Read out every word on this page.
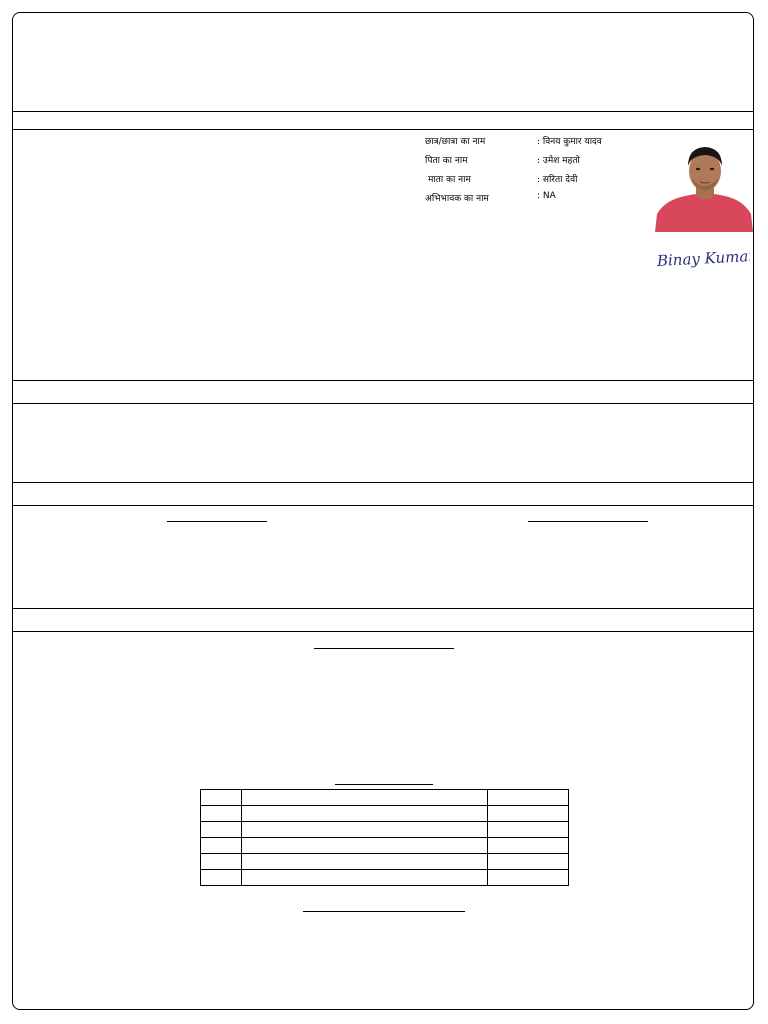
छात्र/छात्रा का नाम	: विनय कुमार यादव
पिता का नाम	: उमेश महतो
माता का नाम	: सरिता देवी
अभिभावक का नाम	: NA
Binay Kumar
